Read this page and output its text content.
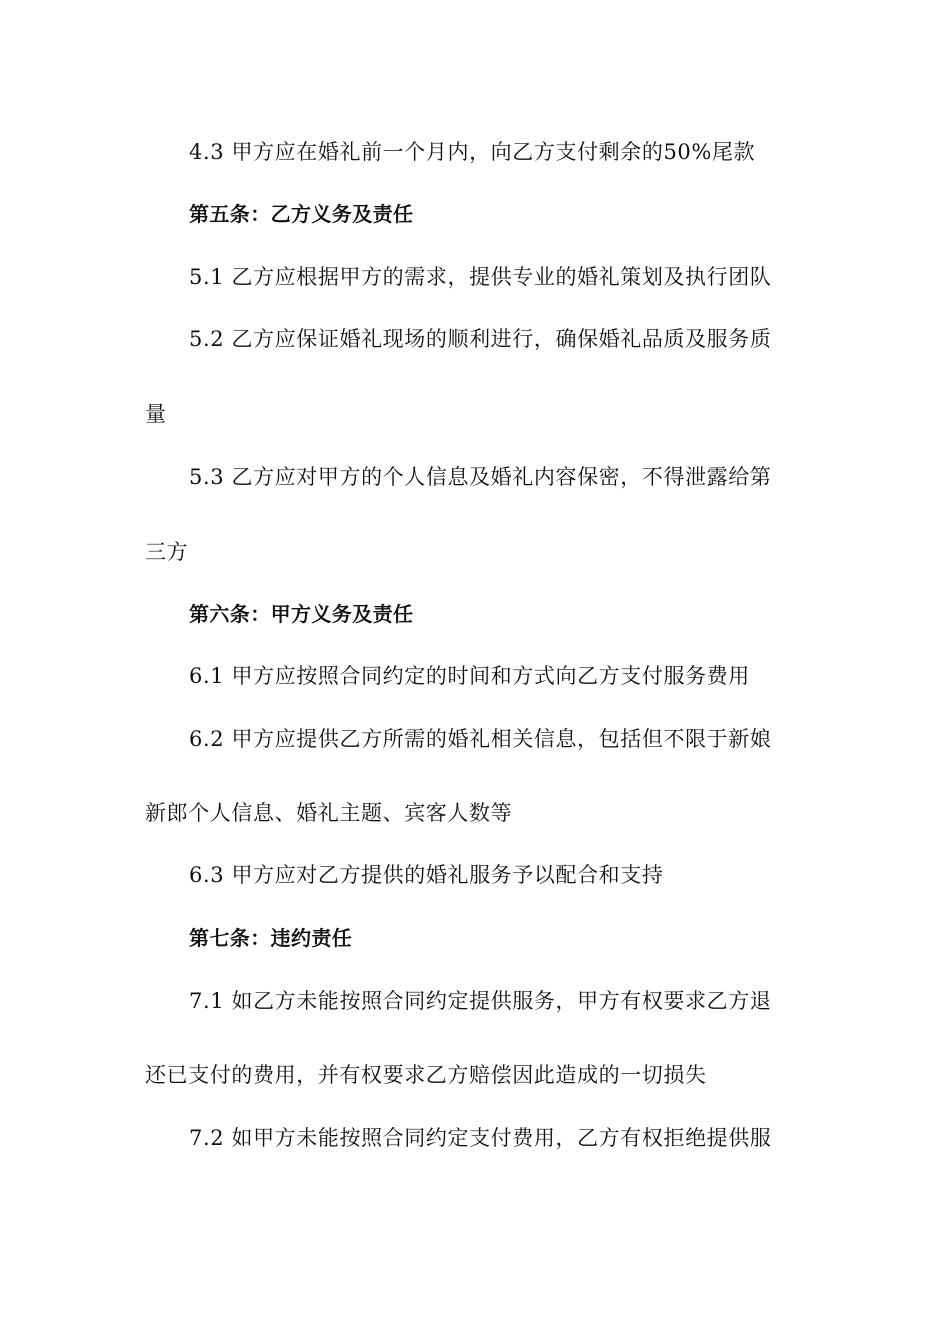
4.3 甲方应在婚礼前一个月内，向乙方支付剩余的50%尾款
第五条：乙方义务及责任
5.1 乙方应根据甲方的需求，提供专业的婚礼策划及执行团队
5.2 乙方应保证婚礼现场的顺利进行，确保婚礼品质及服务质
量
5.3 乙方应对甲方的个人信息及婚礼内容保密，不得泄露给第
三方
第六条：甲方义务及责任
6.1 甲方应按照合同约定的时间和方式向乙方支付服务费用
6.2 甲方应提供乙方所需的婚礼相关信息，包括但不限于新娘
新郎个人信息、婚礼主题、宾客人数等
6.3 甲方应对乙方提供的婚礼服务予以配合和支持
第七条：违约责任
7.1 如乙方未能按照合同约定提供服务，甲方有权要求乙方退
还已支付的费用，并有权要求乙方赔偿因此造成的一切损失
7.2 如甲方未能按照合同约定支付费用，乙方有权拒绝提供服
